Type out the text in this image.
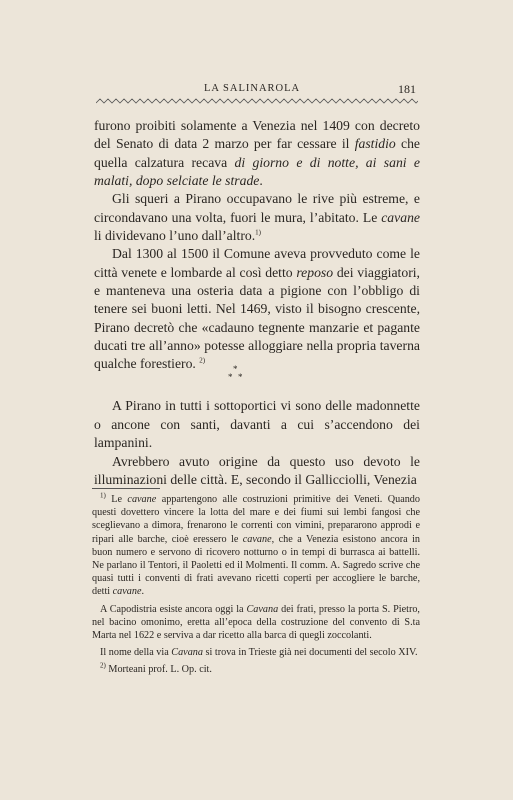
LA SALINAROLA	181

furono proibiti solamente a Venezia nel 1409 con decreto del Senato di data 2 marzo per far cessare il fastidio che quella calzatura recava di giorno e di notte, ai sani e malati, dopo selciate le strade.

Gli squeri a Pirano occupavano le rive più estreme, e circondavano una volta, fuori le mura, l’abitato. Le cavane li dividevano l’uno dall’altro.$^{1)}$

Dal 1300 al 1500 il Comune aveva provveduto come le città venete e lombarde al così detto reposo dei viaggiatori, e manteneva una osteria data a pigione con l’obbligo di tenere sei buoni letti. Nel 1469, visto il bisogno crescente, Pirano decretò che «cadauno tegnente manzarie et pagante ducati tre all’anno» potesse alloggiare nella propria taverna qualche forestiero. $^{2)}$

*
* *

A Pirano in tutti i sottoportici vi sono delle madonnette o ancone con santi, davanti a cui s’accendono dei lampanini.

Avrebbero avuto origine da questo uso devoto le illuminazioni delle città. E, secondo il Gallicciolli, Venezia

$^{1)}$ Le cavane appartengono alle costruzioni primitive dei Veneti. Quando questi dovettero vincere la lotta del mare e dei fiumi sui lembi fangosi che sceglievano a dimora, frenarono le correnti con vimini, prepararono approdi e ripari alle barche, cioè eressero le cavane, che a Venezia esistono ancora in buon numero e servono di ricovero notturno o in tempi di burrasca ai battelli. Ne parlano il Tentori, il Paoletti ed il Molmenti. Il comm. A. Sagredo scrive che quasi tutti i conventi di frati avevano ricetti coperti per accogliere le barche, detti cavane.

A Capodistria esiste ancora oggi la Cavana dei frati, presso la porta S. Pietro, nel bacino omonimo, eretta all’epoca della costruzione del convento di S.ta Marta nel 1622 e serviva a dar ricetto alla barca di quegli zoccolanti.

Il nome della via Cavana si trova in Trieste già nei documenti del secolo XIV.

$^{2)}$ Morteani prof. L. Op. cit.
